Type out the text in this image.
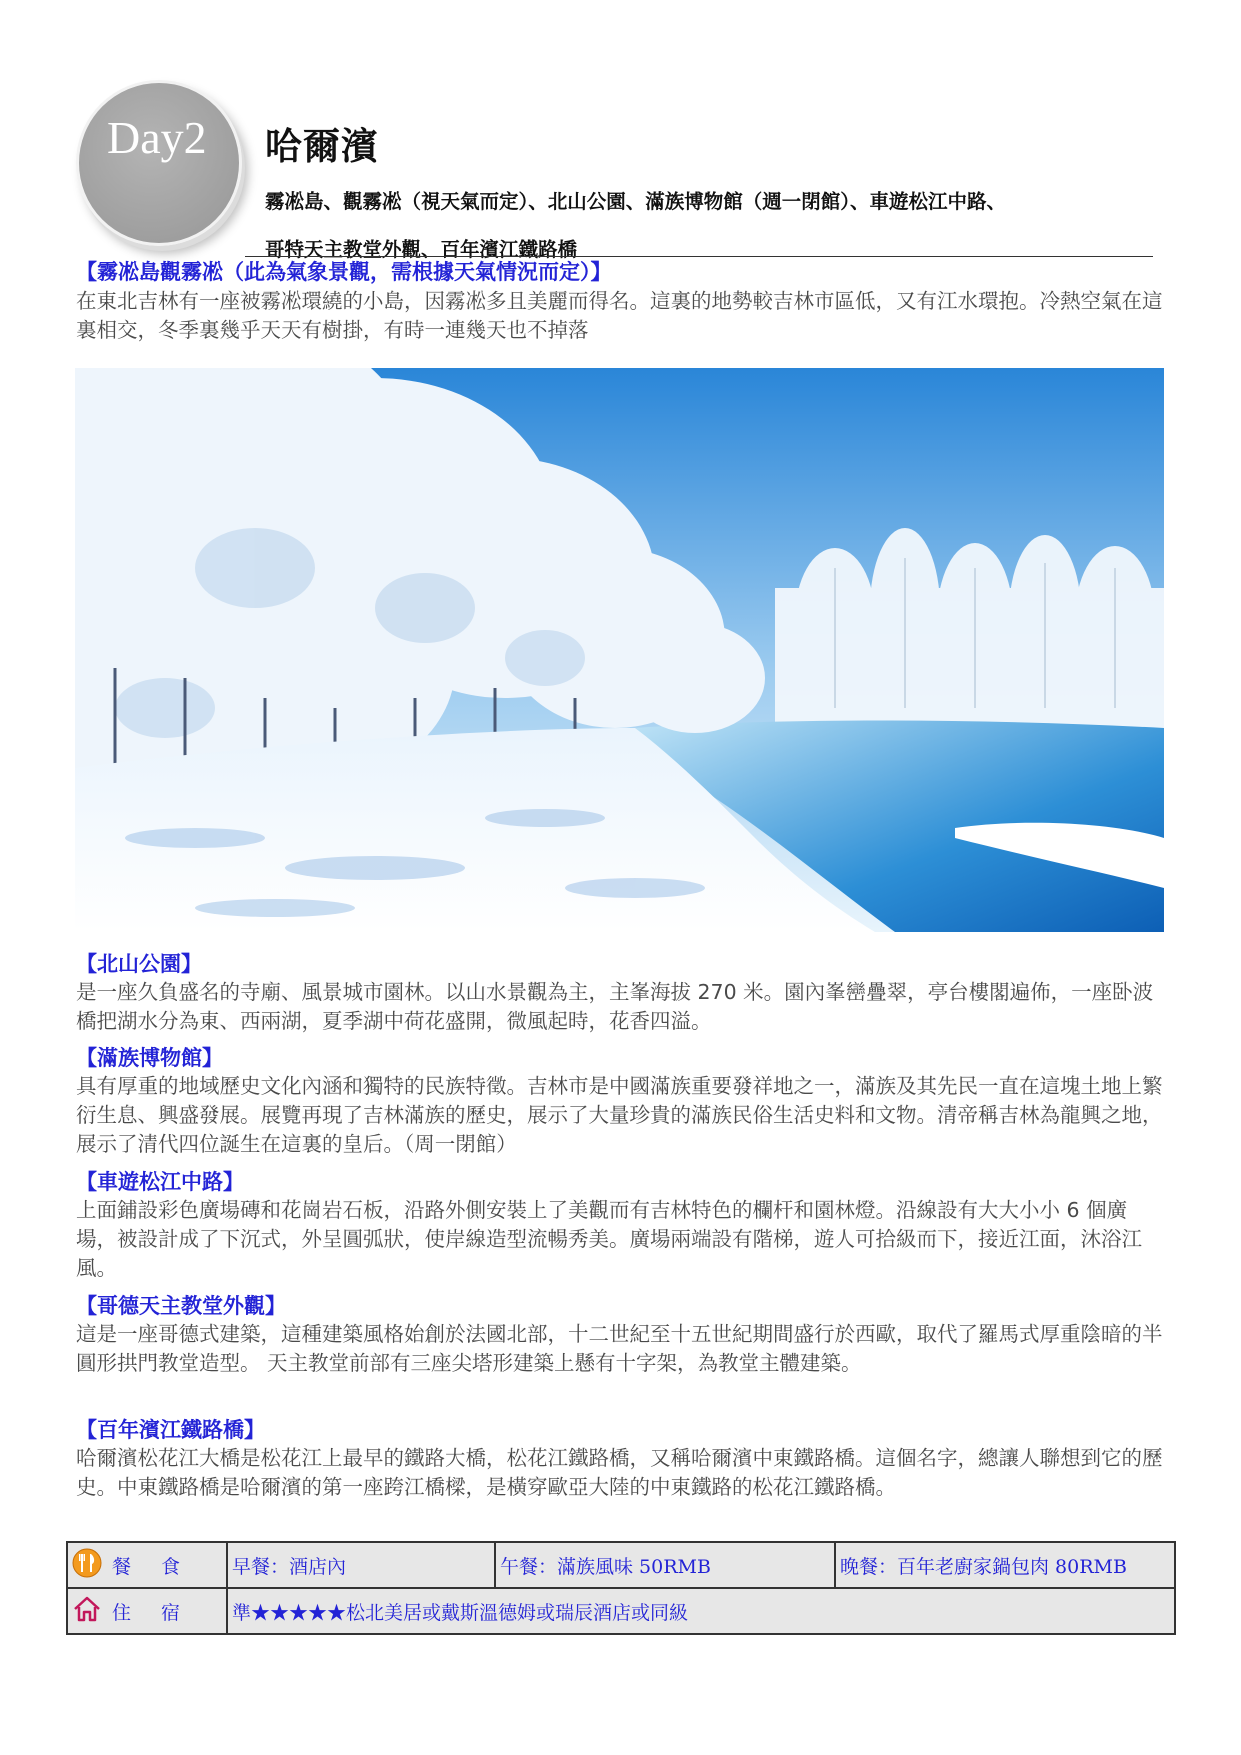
Day2 哈爾濱
霧凇島、觀霧凇（視天氣而定）、北山公園、滿族博物館（週一閉館）、車遊松江中路、
哥特天主教堂外觀、百年濱江鐵路橋
【霧凇島觀霧凇（此為氣象景觀，需根據天氣情況而定）】
在東北吉林有一座被霧凇環繞的小島，因霧凇多且美麗而得名。這裏的地勢較吉林市區低，又有江水環抱。冷熱空氣在這裏相交，冬季裏幾乎天天有樹掛，有時一連幾天也不掉落
【北山公園】
是一座久負盛名的寺廟、風景城市園林。以山水景觀為主，主峯海拔 270 米。園內峯巒疊翠，亭台樓閣遍佈，一座卧波橋把湖水分為東、西兩湖，夏季湖中荷花盛開，微風起時，花香四溢。
【滿族博物館】
具有厚重的地域歷史文化內涵和獨特的民族特徵。吉林市是中國滿族重要發祥地之一，滿族及其先民一直在這塊土地上繁衍生息、興盛發展。展覽再現了吉林滿族的歷史，展示了大量珍貴的滿族民俗生活史料和文物。清帝稱吉林為龍興之地，展示了清代四位誕生在這裏的皇后。（周一閉館）
【車遊松江中路】
上面鋪設彩色廣場磚和花崗岩石板，沿路外側安裝上了美觀而有吉林特色的欄杆和園林燈。沿線設有大大小小 6 個廣場，被設計成了下沉式，外呈圓弧狀，使岸線造型流暢秀美。廣場兩端設有階梯，遊人可拾級而下，接近江面，沐浴江風。
【哥德天主教堂外觀】
這是一座哥德式建築，這種建築風格始創於法國北部，十二世紀至十五世紀期間盛行於西歐，取代了羅馬式厚重陰暗的半圓形拱門教堂造型。 天主教堂前部有三座尖塔形建築上懸有十字架，為教堂主體建築。
【百年濱江鐵路橋】
哈爾濱松花江大橋是松花江上最早的鐵路大橋，松花江鐵路橋，又稱哈爾濱中東鐵路橋。這個名字，總讓人聯想到它的歷史。中東鐵路橋是哈爾濱的第一座跨江橋樑，是橫穿歐亞大陸的中東鐵路的松花江鐵路橋。
餐 食	早餐：酒店內	午餐：滿族風味 50RMB	晚餐：百年老廚家鍋包肉 80RMB

住 宿	準★★★★★松北美居或戴斯溫德姆或瑞辰酒店或同級		
